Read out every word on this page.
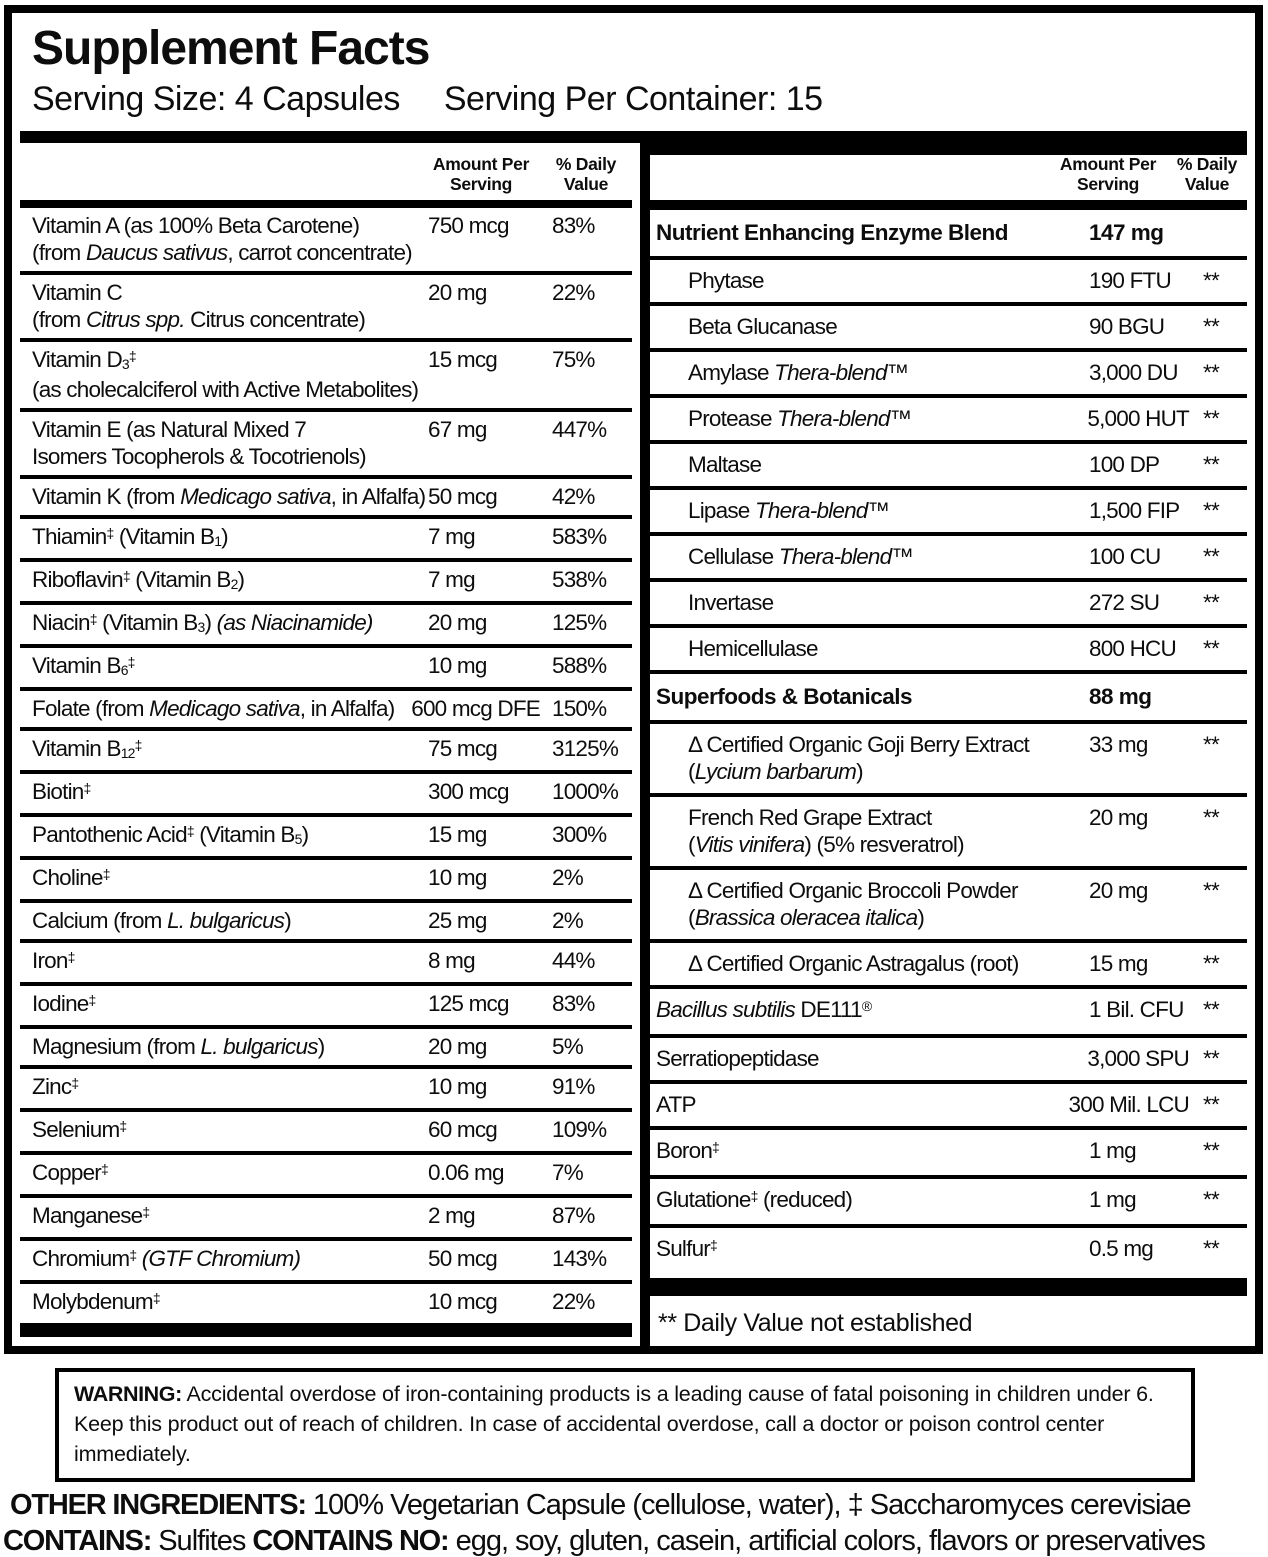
Supplement Facts
Serving Size: 4 Capsules Serving Per Container: 15
Amount Per
Serving
% Daily
Value
Vitamin A (as 100% Beta Carotene)
(from Daucus sativus, carrot concentrate)
750 mcg	83%
Vitamin C
(from Citrus spp. Citrus concentrate)
20 mg	22%
Vitamin $D_3^\ddagger$
(as cholecalciferol with Active Metabolites)
15 mcg	75%
Vitamin E (as Natural Mixed 7
Isomers Tocopherols & Tocotrienols)
67 mg	447%
Vitamin K (from Medicago sativa, in Alfalfa) 50 mcg	42%
Thiamin‡ (Vitamin $B_1$)	7 mg	583%
Riboflavin‡ (Vitamin $B_2$)	7 mg	538%
Niacin‡ (Vitamin $B_3$) (as Niacinamide)	20 mg	125%
Vitamin $B_6^\ddagger$	10 mg	588%
Folate (from Medicago sativa, in Alfalfa) 600 mcg DFE 150%
Vitamin $B_{12}^\ddagger$	75 mcg	3125%
Biotin‡	300 mcg	1000%
Pantothenic Acid‡ (Vitamin $B_5$)	15 mg	300%
Choline‡	10 mg	2%
Calcium (from L. bulgaricus)	25 mg	2%
Iron‡	8 mg	44%
Iodine‡	125 mcg	83%
Magnesium (from L. bulgaricus)	20 mg	5%
Zinc‡	10 mg	91%
Selenium‡	60 mcg	109%
Copper‡	0.06 mg	7%
Manganese‡	2 mg	87%
Chromium‡ (GTF Chromium)	50 mcg	143%
Molybdenum‡	10 mcg	22%
Amount Per
Serving
% Daily
Value
Nutrient Enhancing Enzyme Blend	147 mg
Phytase	190 FTU	**
Beta Glucanase	90 BGU	**
Amylase Thera-blend™	3,000 DU	**
Protease Thera-blend™	5,000 HUT **
Maltase	100 DP	**
Lipase Thera-blend™	1,500 FIP	**
Cellulase Thera-blend™	100 CU	**
Invertase	272 SU	**
Hemicellulase	800 HCU	**
Superfoods & Botanicals	88 mg
Δ Certified Organic Goji Berry Extract
(Lycium barbarum)
33 mg	**
French Red Grape Extract
(Vitis vinifera) (5% resveratrol)
20 mg	**
Δ Certified Organic Broccoli Powder
(Brassica oleracea italica)
20 mg	**
Δ Certified Organic Astragalus (root)	15 mg	**
Bacillus subtilis DE111®	1 Bil. CFU **
Serratiopeptidase	3,000 SPU **
ATP	300 Mil. LCU **
Boron‡	1 mg	**
Glutatione‡ (reduced)	1 mg	**
Sulfur‡	0.5 mg	**
** Daily Value not established
WARNING: Accidental overdose of iron-containing products is a leading cause of fatal poisoning in children under 6. Keep this product out of reach of children. In case of accidental overdose, call a doctor or poison control center immediately.

OTHER INGREDIENTS: 100% Vegetarian Capsule (cellulose, water), ‡ Saccharomyces cerevisiae

CONTAINS: Sulfites CONTAINS NO: egg, soy, gluten, casein, artificial colors, flavors or preservatives
